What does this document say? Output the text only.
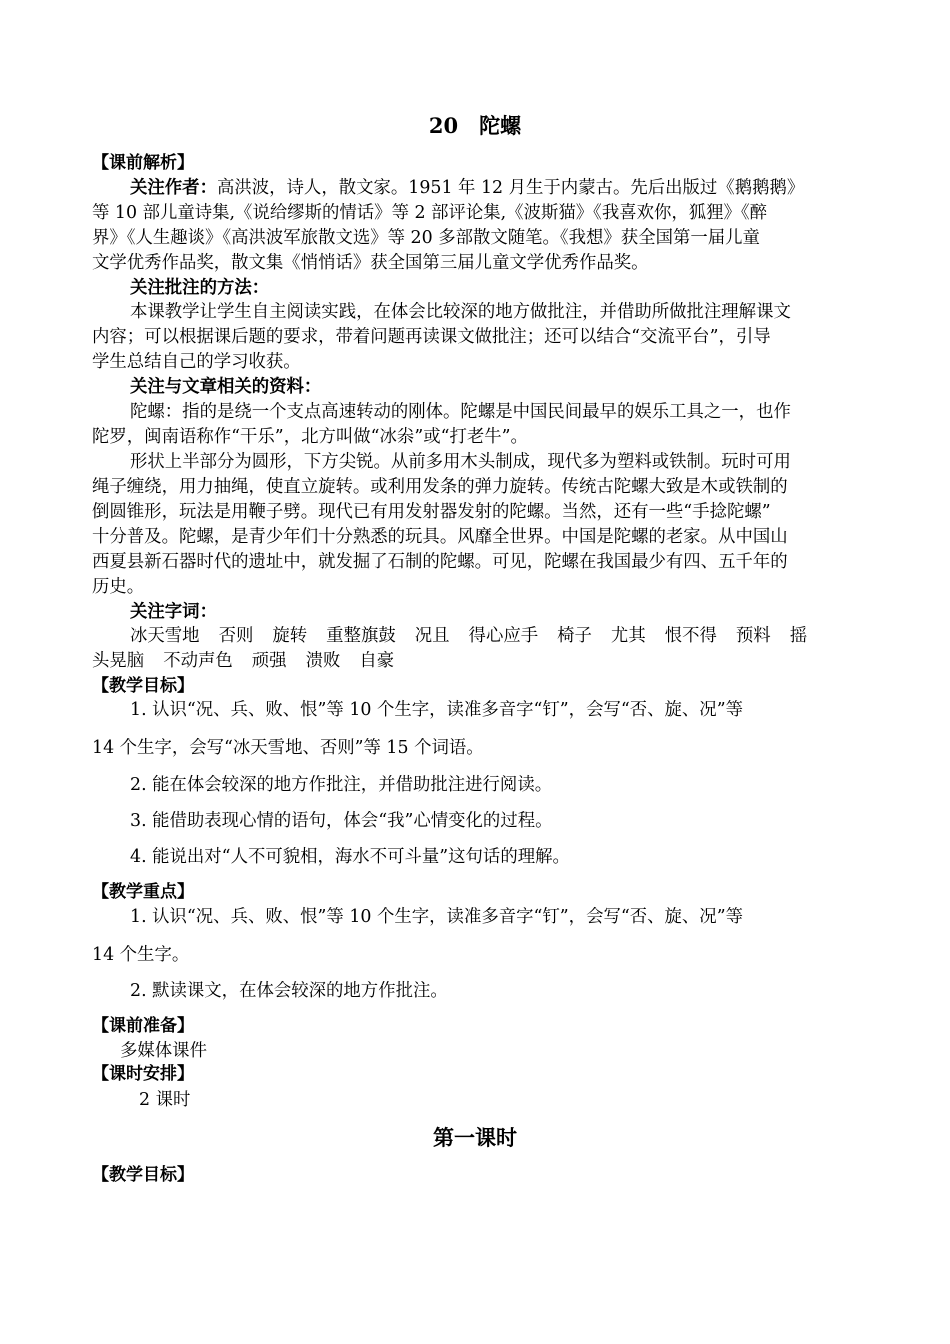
20　陀螺
【课前解析】
关注作者：高洪波，诗人，散文家。1951 年 12 月生于内蒙古。先后出版过《鹅鹅鹅》
等 10 部儿童诗集,《说给缪斯的情话》等 2 部评论集,《波斯猫》《我喜欢你，狐狸》《醉
界》《人生趣谈》《高洪波军旅散文选》等 20 多部散文随笔。《我想》获全国第一届儿童
文学优秀作品奖，散文集《悄悄话》获全国第三届儿童文学优秀作品奖。
关注批注的方法：
本课教学让学生自主阅读实践，在体会比较深的地方做批注，并借助所做批注理解课文
内容；可以根据课后题的要求，带着问题再读课文做批注；还可以结合“交流平台”，引导
学生总结自己的学习收获。
关注与文章相关的资料：
陀螺：指的是绕一个支点高速转动的刚体。陀螺是中国民间最早的娱乐工具之一，也作
陀罗，闽南语称作“干乐”，北方叫做“冰尜”或“打老牛”。
形状上半部分为圆形，下方尖锐。从前多用木头制成，现代多为塑料或铁制。玩时可用
绳子缠绕，用力抽绳，使直立旋转。或利用发条的弹力旋转。传统古陀螺大致是木或铁制的
倒圆锥形，玩法是用鞭子劈。现代已有用发射器发射的陀螺。当然，还有一些“手捻陀螺”
十分普及。陀螺，是青少年们十分熟悉的玩具。风靡全世界。中国是陀螺的老家。从中国山
西夏县新石器时代的遗址中，就发掘了石制的陀螺。可见，陀螺在我国最少有四、五千年的
历史。
关注字词：
冰天雪地 否则 旋转 重整旗鼓 况且 得心应手 椅子 尤其 恨不得 预料 摇
头晃脑 不动声色 顽强 溃败 自豪
【教学目标】
1. 认识“况、兵、败、恨”等 10 个生字，读准多音字“钉”，会写“否、旋、况”等
14 个生字，会写“冰天雪地、否则”等 15 个词语。
2. 能在体会较深的地方作批注，并借助批注进行阅读。
3. 能借助表现心情的语句，体会“我”心情变化的过程。
4. 能说出对“人不可貌相，海水不可斗量”这句话的理解。
【教学重点】
1. 认识“况、兵、败、恨”等 10 个生字，读准多音字“钉”，会写“否、旋、况”等
14 个生字。
2. 默读课文，在体会较深的地方作批注。
【课前准备】
多媒体课件
【课时安排】
2 课时
第一课时
【教学目标】
